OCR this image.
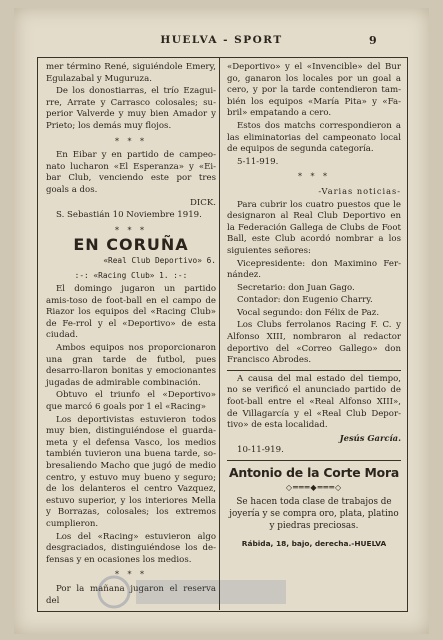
HUELVA - SPORT	9

mer término René, siguiéndole Emery, Egulazabal y Muguruza.

De los donostiarras, el trío Ezagui-rre, Arrate y Carrasco colosales; su-perior Valverde y muy bien Amador y Prieto; los demás muy flojos.

* * *

En Eibar y en partido de campeo-nato lucharon «El Esperanza» y «Ei-bar Club, venciendo este por tres goals a dos.

DICK.

S. Sebastián 10 Noviembre 1919.

* * *
EN CORUÑA
«Real Club Deportivo» 6.
:-: «Racing Club» 1. :-:

El domingo jugaron un partido amis-toso de foot-ball en el campo de Riazor los equipos del «Racing Club» de Fe-rrol y el «Deportivo» de esta ciudad.

Ambos equipos nos proporcionaron una gran tarde de futbol, pues desarro-llaron bonitas y emocionantes jugadas de admirable combinación.

Obtuvo el triunfo el «Deportivo» que marcó 6 goals por 1 el «Racing»

Los deportivistas estuvieron todos muy bien, distinguiéndose el guarda-meta y el defensa Vasco, los medios también tuvieron una buena tarde, so-bresaliendo Macho que jugó de medio centro, y estuvo muy bueno y seguro; de los delanteros el centro Vazquez, estuvo superior, y los interiores Mella y Borrazas, colosales; los extremos cumplieron.

Los del «Racing» estuvieron algo desgraciados, distinguiéndose los de-fensas y en ocasiones los medios.

* * *

Por la mañana jugaron el reserva del

«Deportivo» y el «Invencible» del Bur go, ganaron los locales por un goal a cero, y por la tarde contendieron tam-bién los equipos «María Pita» y «Fa-bril» empatando a cero.

Estos dos matchs correspondieron a las eliminatorias del campeonato local de equipos de segunda categoría.

5-11-919.

* * *
-Varias noticias-

Para cubrir los cuatro puestos que le designaron al Real Club Deportivo en la Federación Gallega de Clubs de Foot Ball, este Club acordó nombrar a los siguientes señores:

Vicepresidente: don Maximino Fer-nández.

Secretario: don Juan Gago.

Contador: don Eugenio Charry.

Vocal segundo: don Félix de Paz.

Los Clubs ferrolanos Racing F. C. y Alfonso XIII, nombraron al redactor deportivo del «Correo Gallego» don Francisco Abrodes.

A causa del mal estado del tiempo, no se verificó el anunciado partido de foot-ball entre el «Real Alfonso XIII», de Villagarcía y el «Real Club Depor-tivo» de esta localidad.

Jesús García.

10-11-919.

Antonio de la Corte Mora
◇═══◆═══◇
Se hacen toda clase de trabajos de joyería y se compra oro, plata, platino y piedras preciosas.
Rábida, 18, bajo, derecha.-HUELVA
